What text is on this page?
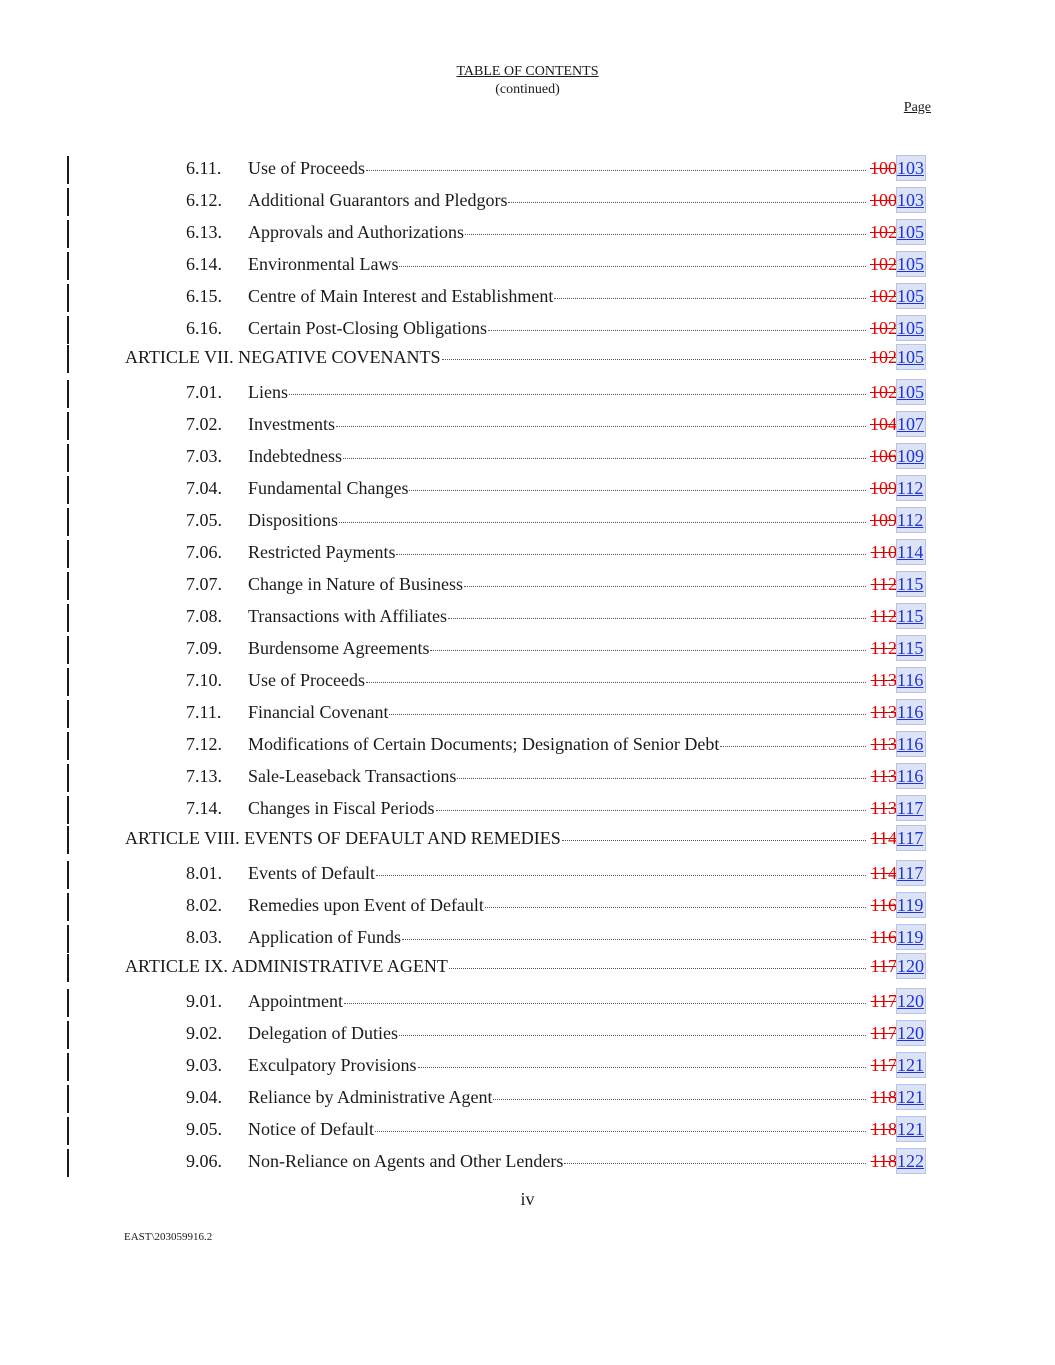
TABLE OF CONTENTS
(continued)
Page
6.11. Use of Proceeds	100 103
6.12. Additional Guarantors and Pledgors	100 103
6.13. Approvals and Authorizations	102 105
6.14. Environmental Laws	102 105
6.15. Centre of Main Interest and Establishment	102 105
6.16. Certain Post-Closing Obligations	102 105
ARTICLE VII. NEGATIVE COVENANTS	102 105
7.01. Liens	102 105
7.02. Investments	104 107
7.03. Indebtedness	106 109
7.04. Fundamental Changes	109 112
7.05. Dispositions	109 112
7.06. Restricted Payments	110 114
7.07. Change in Nature of Business	112 115
7.08. Transactions with Affiliates	112 115
7.09. Burdensome Agreements	112 115
7.10. Use of Proceeds	113 116
7.11. Financial Covenant	113 116
7.12. Modifications of Certain Documents; Designation of Senior Debt	113 116
7.13. Sale-Leaseback Transactions	113 116
7.14. Changes in Fiscal Periods	113 117
ARTICLE VIII. EVENTS OF DEFAULT AND REMEDIES	114 117
8.01. Events of Default	114 117
8.02. Remedies upon Event of Default	116 119
8.03. Application of Funds	116 119
ARTICLE IX. ADMINISTRATIVE AGENT	117 120
9.01. Appointment	117 120
9.02. Delegation of Duties	117 120
9.03. Exculpatory Provisions	117 121
9.04. Reliance by Administrative Agent	118 121
9.05. Notice of Default	118 121
9.06. Non-Reliance on Agents and Other Lenders	118 122
iv
EAST\203059916.2
